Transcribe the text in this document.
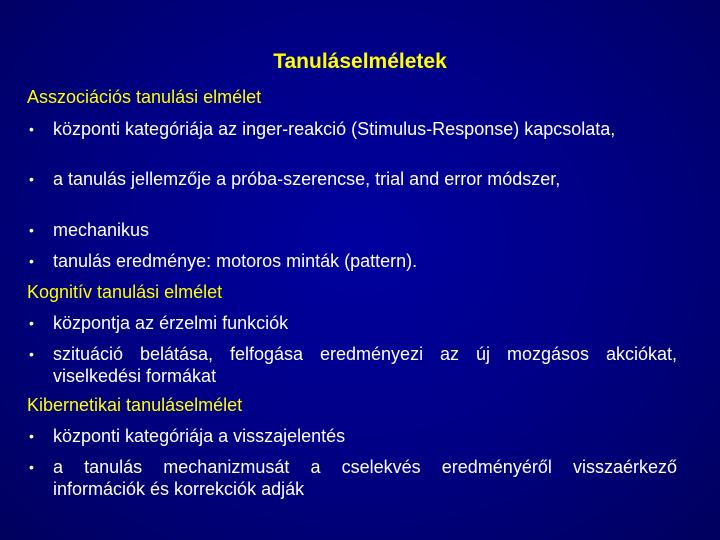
Tanuláselméletek
Asszociációs tanulási elmélet
• központi kategóriája az inger-reakció (Stimulus-Response) kapcsolata,
• a tanulás jellemzője a próba-szerencse, trial and error módszer,
• mechanikus
• tanulás eredménye: motoros minták (pattern).
Kognitív tanulási elmélet
• központja az érzelmi funkciók
• szituáció belátása, felfogása eredményezi az új mozgásos akciókat, viselkedési formákat
Kibernetikai tanuláselmélet
• központi kategóriája a visszajelentés
• a tanulás mechanizmusát a cselekvés eredményéről visszaérkező információk és korrekciók adják
